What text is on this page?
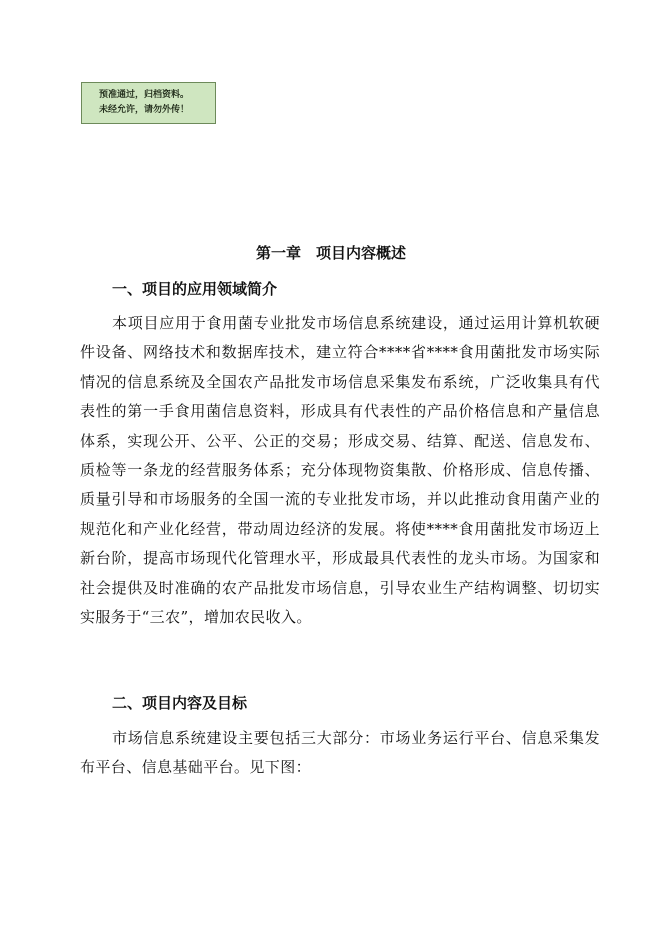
预准通过，归档资料。
未经允许，请勿外传！
第一章　项目内容概述
一、项目的应用领域简介

本项目应用于食用菌专业批发市场信息系统建设，通过运用计算机软硬
件设备、网络技术和数据库技术，建立符合****省****食用菌批发市场实际
情况的信息系统及全国农产品批发市场信息采集发布系统，广泛收集具有代
表性的第一手食用菌信息资料，形成具有代表性的产品价格信息和产量信息
体系，实现公开、公平、公正的交易；形成交易、结算、配送、信息发布、
质检等一条龙的经营服务体系；充分体现物资集散、价格形成、信息传播、
质量引导和市场服务的全国一流的专业批发市场，并以此推动食用菌产业的
规范化和产业化经营，带动周边经济的发展。将使****食用菌批发市场迈上
新台阶，提高市场现代化管理水平，形成最具代表性的龙头市场。为国家和
社会提供及时准确的农产品批发市场信息，引导农业生产结构调整、切切实
实服务于“三农”，增加农民收入。

二、项目内容及目标

市场信息系统建设主要包括三大部分：市场业务运行平台、信息采集发
布平台、信息基础平台。见下图：
